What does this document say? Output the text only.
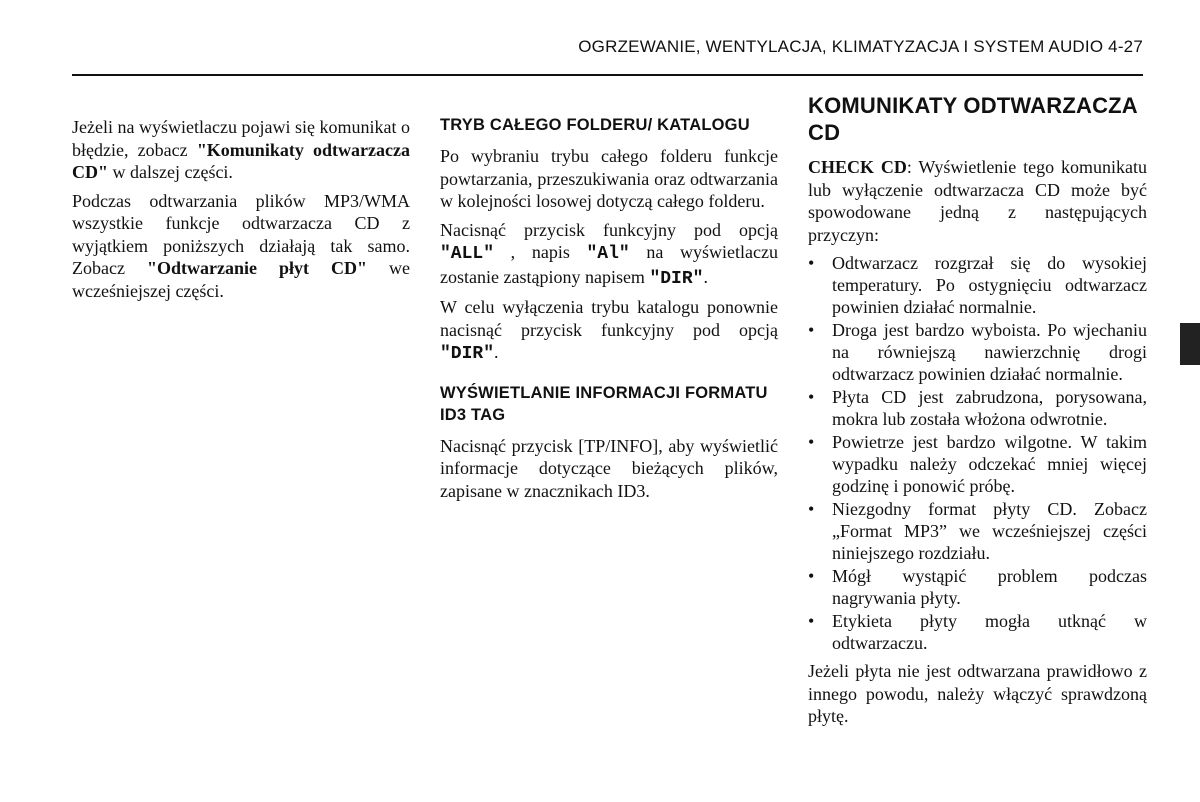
OGRZEWANIE, WENTYLACJA, KLIMATYZACJA I SYSTEM AUDIO 4-27

Jeżeli na wyświetlaczu pojawi się komunikat o błędzie, zobacz "Komunikaty odtwarzacza CD" w dalszej części.

Podczas odtwarzania plików MP3/WMA wszystkie funkcje odtwarzacza CD z wyjątkiem poniższych działają tak samo. Zobacz "Odtwarzanie płyt CD" we wcześniejszej części.

TRYB CAŁEGO FOLDERU/ KATALOGU

Po wybraniu trybu całego folderu funkcje powtarzania, przeszukiwania oraz odtwarzania w kolejności losowej dotyczą całego folderu.

Nacisnąć przycisk funkcyjny pod opcją "ALL" , napis "Al" na wyświetlaczu zostanie zastąpiony napisem "DIR".

W celu wyłączenia trybu katalogu ponownie nacisnąć przycisk funkcyjny pod opcją "DIR".

WYŚWIETLANIE INFORMACJI FORMATU ID3 TAG

Nacisnąć przycisk [TP/INFO], aby wyświetlić informacje dotyczące bieżących plików, zapisane w znacznikach ID3.

KOMUNIKATY ODTWARZACZA CD

CHECK CD: Wyświetlenie tego komunikatu lub wyłączenie odtwarzacza CD może być spowodowane jedną z następujących przyczyn:

• Odtwarzacz rozgrzał się do wysokiej temperatury. Po ostygnięciu odtwarzacz powinien działać normalnie.
• Droga jest bardzo wyboista. Po wjechaniu na równiejszą nawierzchnię drogi odtwarzacz powinien działać normalnie.
• Płyta CD jest zabrudzona, porysowana, mokra lub została włożona odwrotnie.
• Powietrze jest bardzo wilgotne. W takim wypadku należy odczekać mniej więcej godzinę i ponowić próbę.
• Niezgodny format płyty CD. Zobacz „Format MP3” we wcześniejszej części niniejszego rozdziału.
• Mógł wystąpić problem podczas nagrywania płyty.
• Etykieta płyty mogła utknąć w odtwarzaczu.

Jeżeli płyta nie jest odtwarzana prawidłowo z innego powodu, należy włączyć sprawdzoną płytę.
